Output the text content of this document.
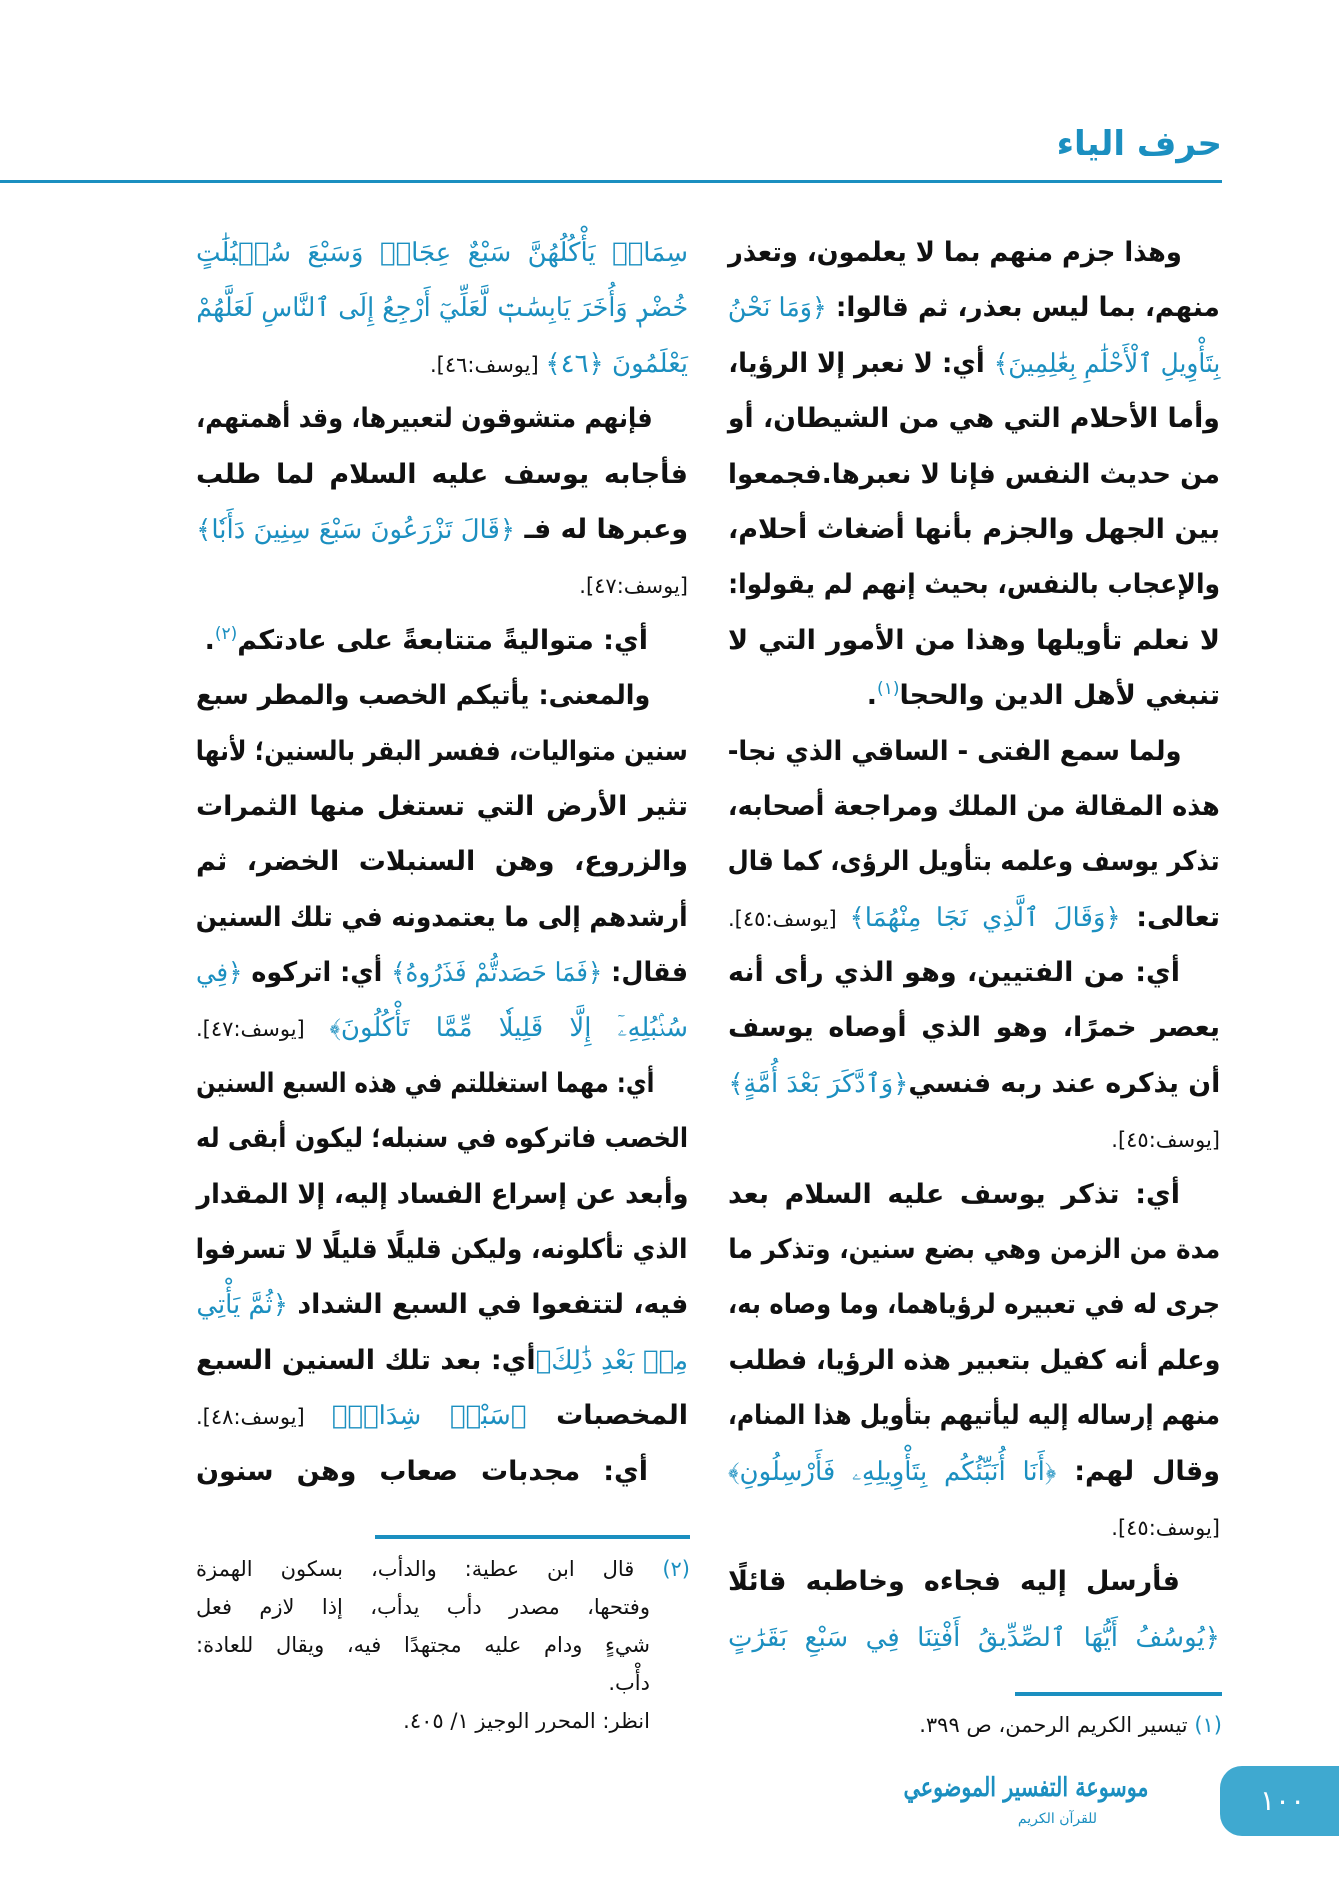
حرف الياء
وهذا جزم منهم بما لا يعلمون، وتعذر
منهم، بما ليس بعذر، ثم قالوا: ﴿وَمَا نَحْنُ
بِتَأْوِيلِ ٱلْأَحْلَٰمِ بِعَٰلِمِينَ﴾ أي: لا نعبر إلا الرؤيا،
وأما الأحلام التي هي من الشيطان، أو
من حديث النفس فإنا لا نعبرها.فجمعوا
بين الجهل والجزم بأنها أضغاث أحلام،
والإعجاب بالنفس، بحيث إنهم لم يقولوا:
لا نعلم تأويلها وهذا من الأمور التي لا
تنبغي لأهل الدين والحجا$^{(١)}$.
ولما سمع الفتى - الساقي الذي نجا-
هذه المقالة من الملك ومراجعة أصحابه،
تذكر يوسف وعلمه بتأويل الرؤى، كما قال
تعالى: ﴿وَقَالَ ٱلَّذِي نَجَا مِنْهُمَا﴾ [يوسف:٤٥].
أي: من الفتيين، وهو الذي رأى أنه
يعصر خمرًا، وهو الذي أوصاه يوسف
أن يذكره عند ربه فنسي﴿وَٱدَّكَرَ بَعْدَ أُمَّةٍ﴾
[يوسف:٤٥].
أي: تذكر يوسف عليه السلام بعد
مدة من الزمن وهي بضع سنين، وتذكر ما
جرى له في تعبيره لرؤياهما، وما وصاه به،
وعلم أنه كفيل بتعبير هذه الرؤيا، فطلب
منهم إرساله إليه ليأتيهم بتأويل هذا المنام،
وقال لهم: ﴿أَنَا أُنَبِّئُكُم بِتَأْوِيلِهِۦ فَأَرْسِلُونِ﴾
[يوسف:٤٥].
فأرسل إليه فجاءه وخاطبه قائلًا
﴿يُوسُفُ أَيُّهَا ٱلصِّدِّيقُ أَفْتِنَا فِي سَبْعِ بَقَرَٰتٍ
سِمَانٖ يَأْكُلُهُنَّ سَبْعٌ عِجَافٞ وَسَبْعَ سُنۢبُلَٰتٍ
خُضْرٖ وَأُخَرَ يَابِسَٰتٖ لَّعَلِّيٓ أَرْجِعُ إِلَى ٱلنَّاسِ لَعَلَّهُمْ
يَعْلَمُونَ ﴿٤٦﴾ [يوسف:٤٦].
فإنهم متشوقون لتعبيرها، وقد أهمتهم،
فأجابه يوسف عليه السلام لما طلب
وعبرها له فـ ﴿قَالَ تَزْرَعُونَ سَبْعَ سِنِينَ دَأَبٗا﴾
[يوسف:٤٧].
أي: متواليةً متتابعةً على عادتكم$^{(٢)}$.
والمعنى: يأتيكم الخصب والمطر سبع
سنين متواليات، ففسر البقر بالسنين؛ لأنها
تثير الأرض التي تستغل منها الثمرات
والزروع، وهن السنبلات الخضر، ثم
أرشدهم إلى ما يعتمدونه في تلك السنين
فقال: ﴿فَمَا حَصَدتُّمْ فَذَرُوهُ﴾ أي: اتركوه ﴿فِي
سُنۢبُلِهِۦٓ إِلَّا قَلِيلٗا مِّمَّا تَأْكُلُونَ﴾ [يوسف:٤٧].
أي: مهما استغللتم في هذه السبع السنين
الخصب فاتركوه في سنبله؛ ليكون أبقى له
وأبعد عن إسراع الفساد إليه، إلا المقدار
الذي تأكلونه، وليكن قليلًا قليلًا لا تسرفوا
فيه، لتتفعوا في السبع الشداد ﴿ثُمَّ يَأْتِي
مِنۢ بَعْدِ ذَٰلِكَ﴾أي: بعد تلك السنين السبع
المخصبات ﴿سَبْعٞ شِدَادٞ﴾ [يوسف:٤٨].
أي: مجدبات صعاب وهن سنون
(١) تيسير الكريم الرحمن، ص ٣٩٩.
(٢) قال ابن عطية: والدأب، بسكون الهمزة
وفتحها، مصدر دأب يدأب، إذا لازم فعل
شيءٍ ودام عليه مجتهدًا فيه، ويقال للعادة:
دأْب.
انظر: المحرر الوجيز ١/ ٤٠٥.
موسوعة التفسير الموضوعي
للقرآن الكريم
١٠٠
